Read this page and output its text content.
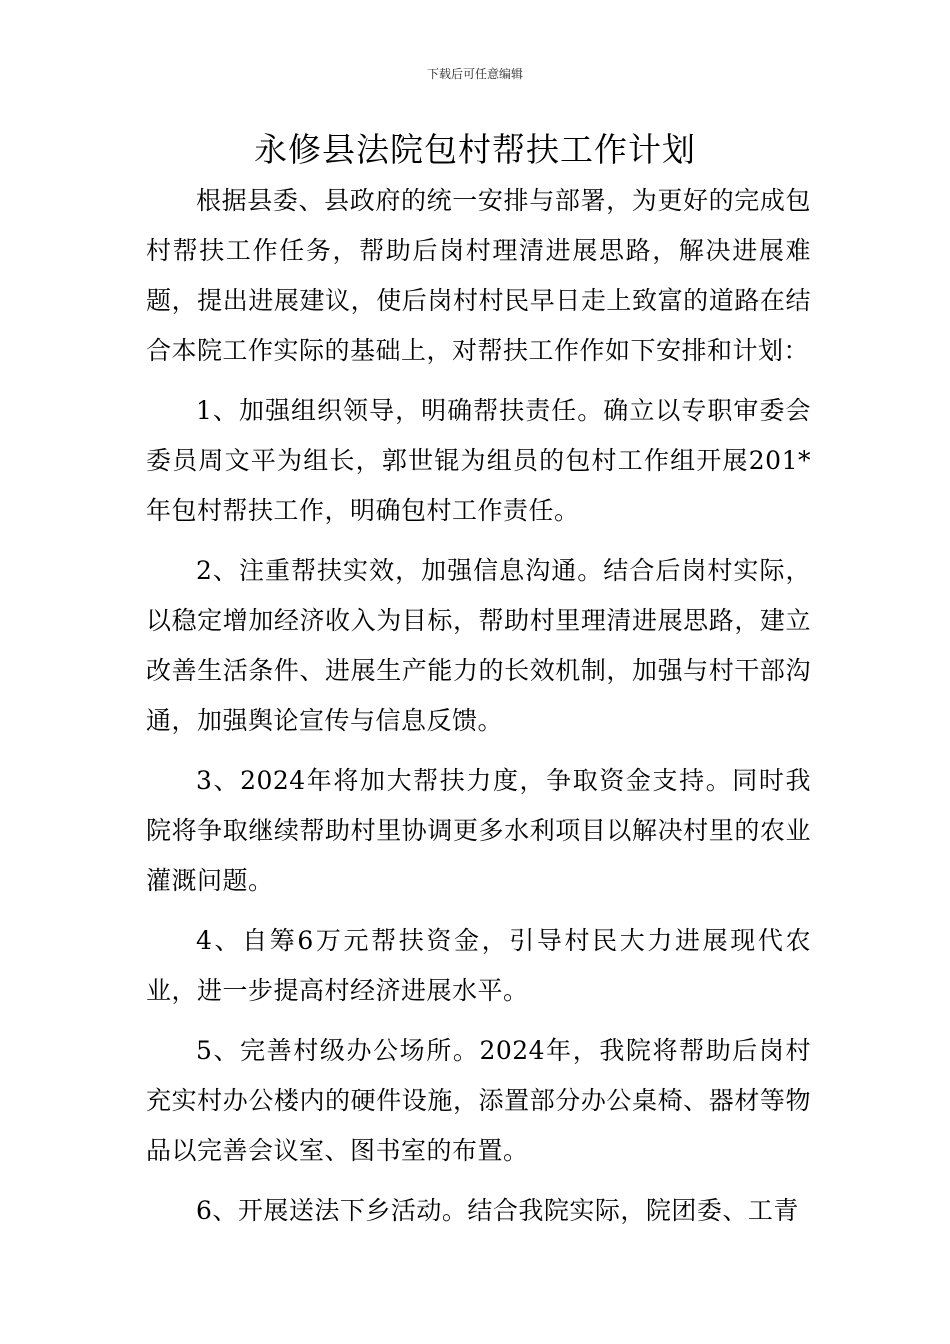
下载后可任意编辑
永修县法院包村帮扶工作计划

根据县委、县政府的统一安排与部署，为更好的完成包村帮扶工作任务，帮助后岗村理清进展思路，解决进展难题，提出进展建议，使后岗村村民早日走上致富的道路在结合本院工作实际的基础上，对帮扶工作作如下安排和计划：

1、加强组织领导，明确帮扶责任。确立以专职审委会委员周文平为组长，郭世锟为组员的包村工作组开展201*年包村帮扶工作，明确包村工作责任。

2、注重帮扶实效，加强信息沟通。结合后岗村实际，以稳定增加经济收入为目标，帮助村里理清进展思路，建立改善生活条件、进展生产能力的长效机制，加强与村干部沟通，加强舆论宣传与信息反馈。

3、2024年将加大帮扶力度，争取资金支持。同时我院将争取继续帮助村里协调更多水利项目以解决村里的农业灌溉问题。

4、自筹6万元帮扶资金，引导村民大力进展现代农业，进一步提高村经济进展水平。

5、完善村级办公场所。2024年，我院将帮助后岗村充实村办公楼内的硬件设施，添置部分办公桌椅、器材等物品以完善会议室、图书室的布置。

6、开展送法下乡活动。结合我院实际，院团委、工青
